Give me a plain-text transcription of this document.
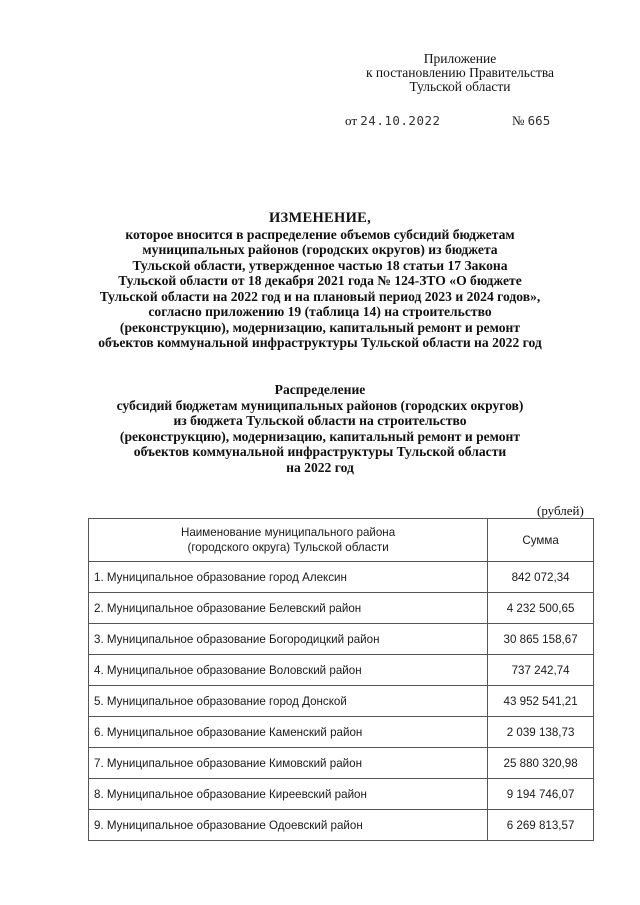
Приложение
к постановлению Правительства
Тульской области
от 24.10.2022	№ 665
ИЗМЕНЕНИЕ,
которое вносится в распределение объемов субсидий бюджетам
муниципальных районов (городских округов) из бюджета
Тульской области, утвержденное частью 18 статьи 17 Закона
Тульской области от 18 декабря 2021 года № 124-ЗТО «О бюджете
Тульской области на 2022 год и на плановый период 2023 и 2024 годов»,
согласно приложению 19 (таблица 14) на строительство
(реконструкцию), модернизацию, капитальный ремонт и ремонт
объектов коммунальной инфраструктуры Тульской области на 2022 год
Распределение
субсидий бюджетам муниципальных районов (городских округов)
из бюджета Тульской области на строительство
(реконструкцию), модернизацию, капитальный ремонт и ремонт
объектов коммунальной инфраструктуры Тульской области
на 2022 год
(рублей)
Наименование муниципального района
(городского округа) Тульской области	Сумма
1. Муниципальное образование город Алексин	842 072,34
2. Муниципальное образование Белевский район	4 232 500,65
3. Муниципальное образование Богородицкий район	30 865 158,67
4. Муниципальное образование Воловский район	737 242,74
5. Муниципальное образование город Донской	43 952 541,21
6. Муниципальное образование Каменский район	2 039 138,73
7. Муниципальное образование Кимовский район	25 880 320,98
8. Муниципальное образование Киреевский район	9 194 746,07
9. Муниципальное образование Одоевский район	6 269 813,57
